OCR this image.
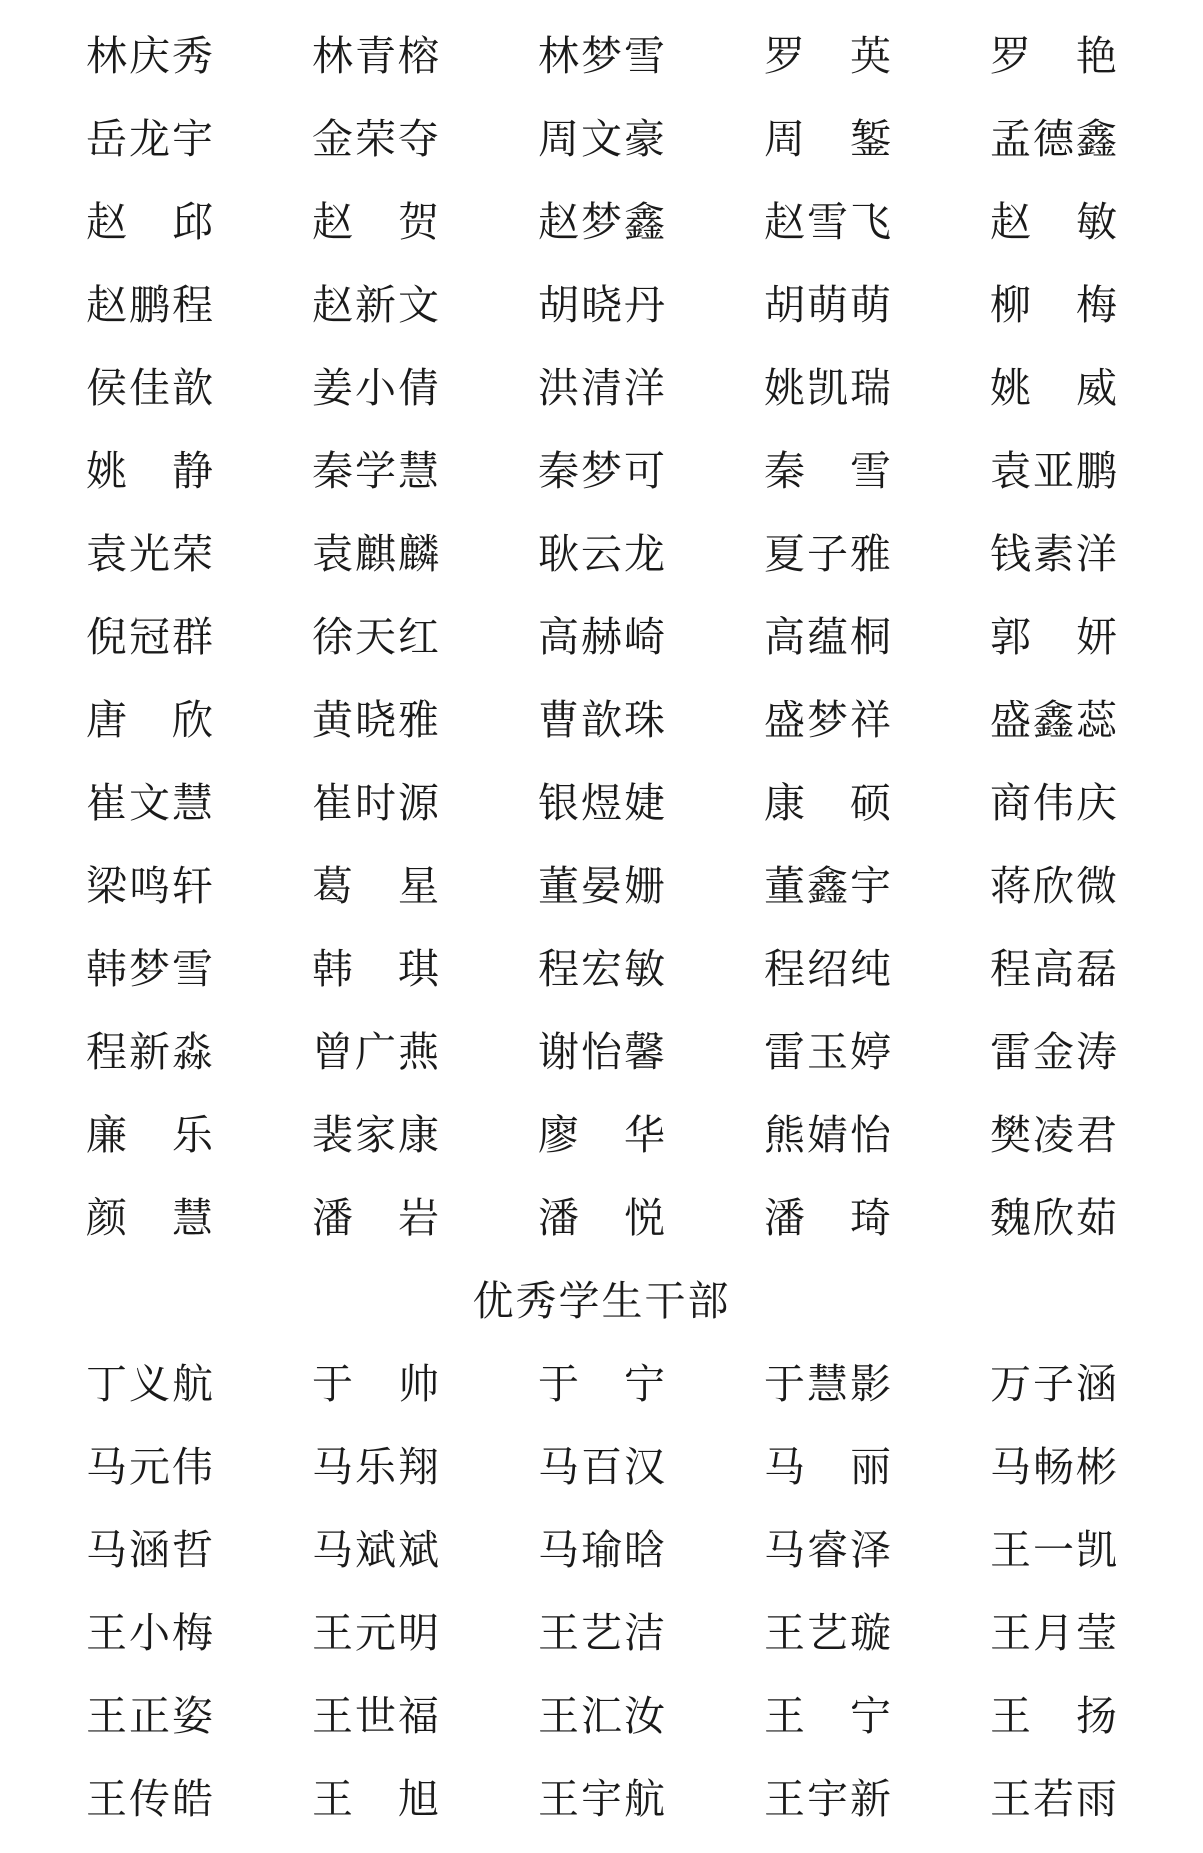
林庆秀	林青榕	林梦雪	罗　英	罗　艳
岳龙宇	金荣夺	周文豪	周　錾	孟德鑫
赵　邱	赵　贺	赵梦鑫	赵雪飞	赵　敏
赵鹏程	赵新文	胡晓丹	胡萌萌	柳　梅
侯佳歆	姜小倩	洪清洋	姚凯瑞	姚　威
姚　静	秦学慧	秦梦可	秦　雪	袁亚鹏
袁光荣	袁麒麟	耿云龙	夏子雅	钱素洋
倪冠群	徐天红	高赫崎	高蕴桐	郭　妍
唐　欣	黄晓雅	曹歆珠	盛梦祥	盛鑫蕊
崔文慧	崔时源	银煜婕	康　硕	商伟庆
梁鸣轩	葛　星	董晏姗	董鑫宇	蒋欣微
韩梦雪	韩　琪	程宏敏	程绍纯	程高磊
程新淼	曾广燕	谢怡馨	雷玉婷	雷金涛
廉　乐	裴家康	廖　华	熊婧怡	樊凌君
颜　慧	潘　岩	潘　悦	潘　琦	魏欣茹
优秀学生干部
丁义航	于　帅	于　宁	于慧影	万子涵
马元伟	马乐翔	马百汉	马　丽	马畅彬
马涵哲	马斌斌	马瑜晗	马睿泽	王一凯
王小梅	王元明	王艺洁	王艺璇	王月莹
王正姿	王世福	王汇汝	王　宁	王　扬
王传皓	王　旭	王宇航	王宇新	王若雨
